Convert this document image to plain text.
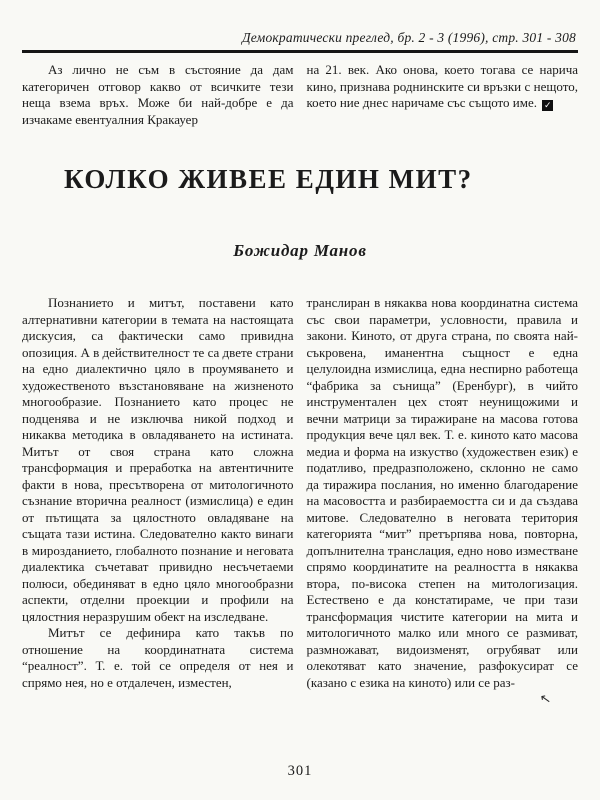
Демократически преглед, бр. 2 - 3 (1996), стр. 301 - 308

Аз лично не съм в състояние да дам категоричен отговор какво от всичките тези неща взема връх. Може би най-добре е да изчакаме евентуалния Кракауер

на 21. век. Ако онова, което тогава се нарича кино, признава роднинските си връзки с нещото, което ние днес наричаме със същото име. ✓

КОЛКО ЖИВЕЕ ЕДИН МИТ?
Божидар Манов

Познанието и митът, поставени като алтернативни категории в темата на настоящата дискусия, са фактически само привидна опозиция. А в действителност те са двете страни на едно диалектично цяло в проумяването и художественото възстановяване на жизненото многообразие. Познанието като процес не подценява и не изключва никой подход и никаква методика в овладяването на истината. Митът от своя страна като сложна трансформация и преработка на автентичните факти в нова, пресътворена от митологичното съзнание вторична реалност (измислица) е един от пътищата за цялостното овладяване на същата тази истина. Следователно както винаги в мирозданието, глобалното познание и неговата диалектика съчетават привидно несъчетаеми полюси, обединяват в едно цяло многообразни аспекти, отделни проекции и профили на цялостния неразрушим обект на изследване.

Митът се дефинира като такъв по отношение на координатната система “реалност”. Т. е. той се определя от нея и спрямо нея, но е отдалечен, изместен,

транслиран в някаква нова координатна система със свои параметри, условности, правила и закони. Киното, от друга страна, по своята най-съкровена, иманентна същност е една целулоидна измислица, една неспирно работеща “фабрика за сънища” (Еренбург), в чийто инструментален цех стоят неунищожими и вечни матрици за тиражиране на масова готова продукция вече цял век. Т. е. киното като масова медиа и форма на изкуство (художествен език) е податливо, предразположено, склонно не само да тиражира послания, но именно благодарение на масовостта и разбираемостта си и да създава митове. Следователно в неговата територия категорията “мит” претърпява нова, повторна, допълнителна транслация, едно ново изместване спрямо координатите на реалността в някаква втора, по-висока степен на митологизация. Естествено е да констатираме, че при тази трансформация чистите категории на мита и митологичното малко или много се размиват, размножават, видоизменят, огрубяват или олекотяват като значение, разфокусират се (казано с езика на киното) или се раз-

↖
301
